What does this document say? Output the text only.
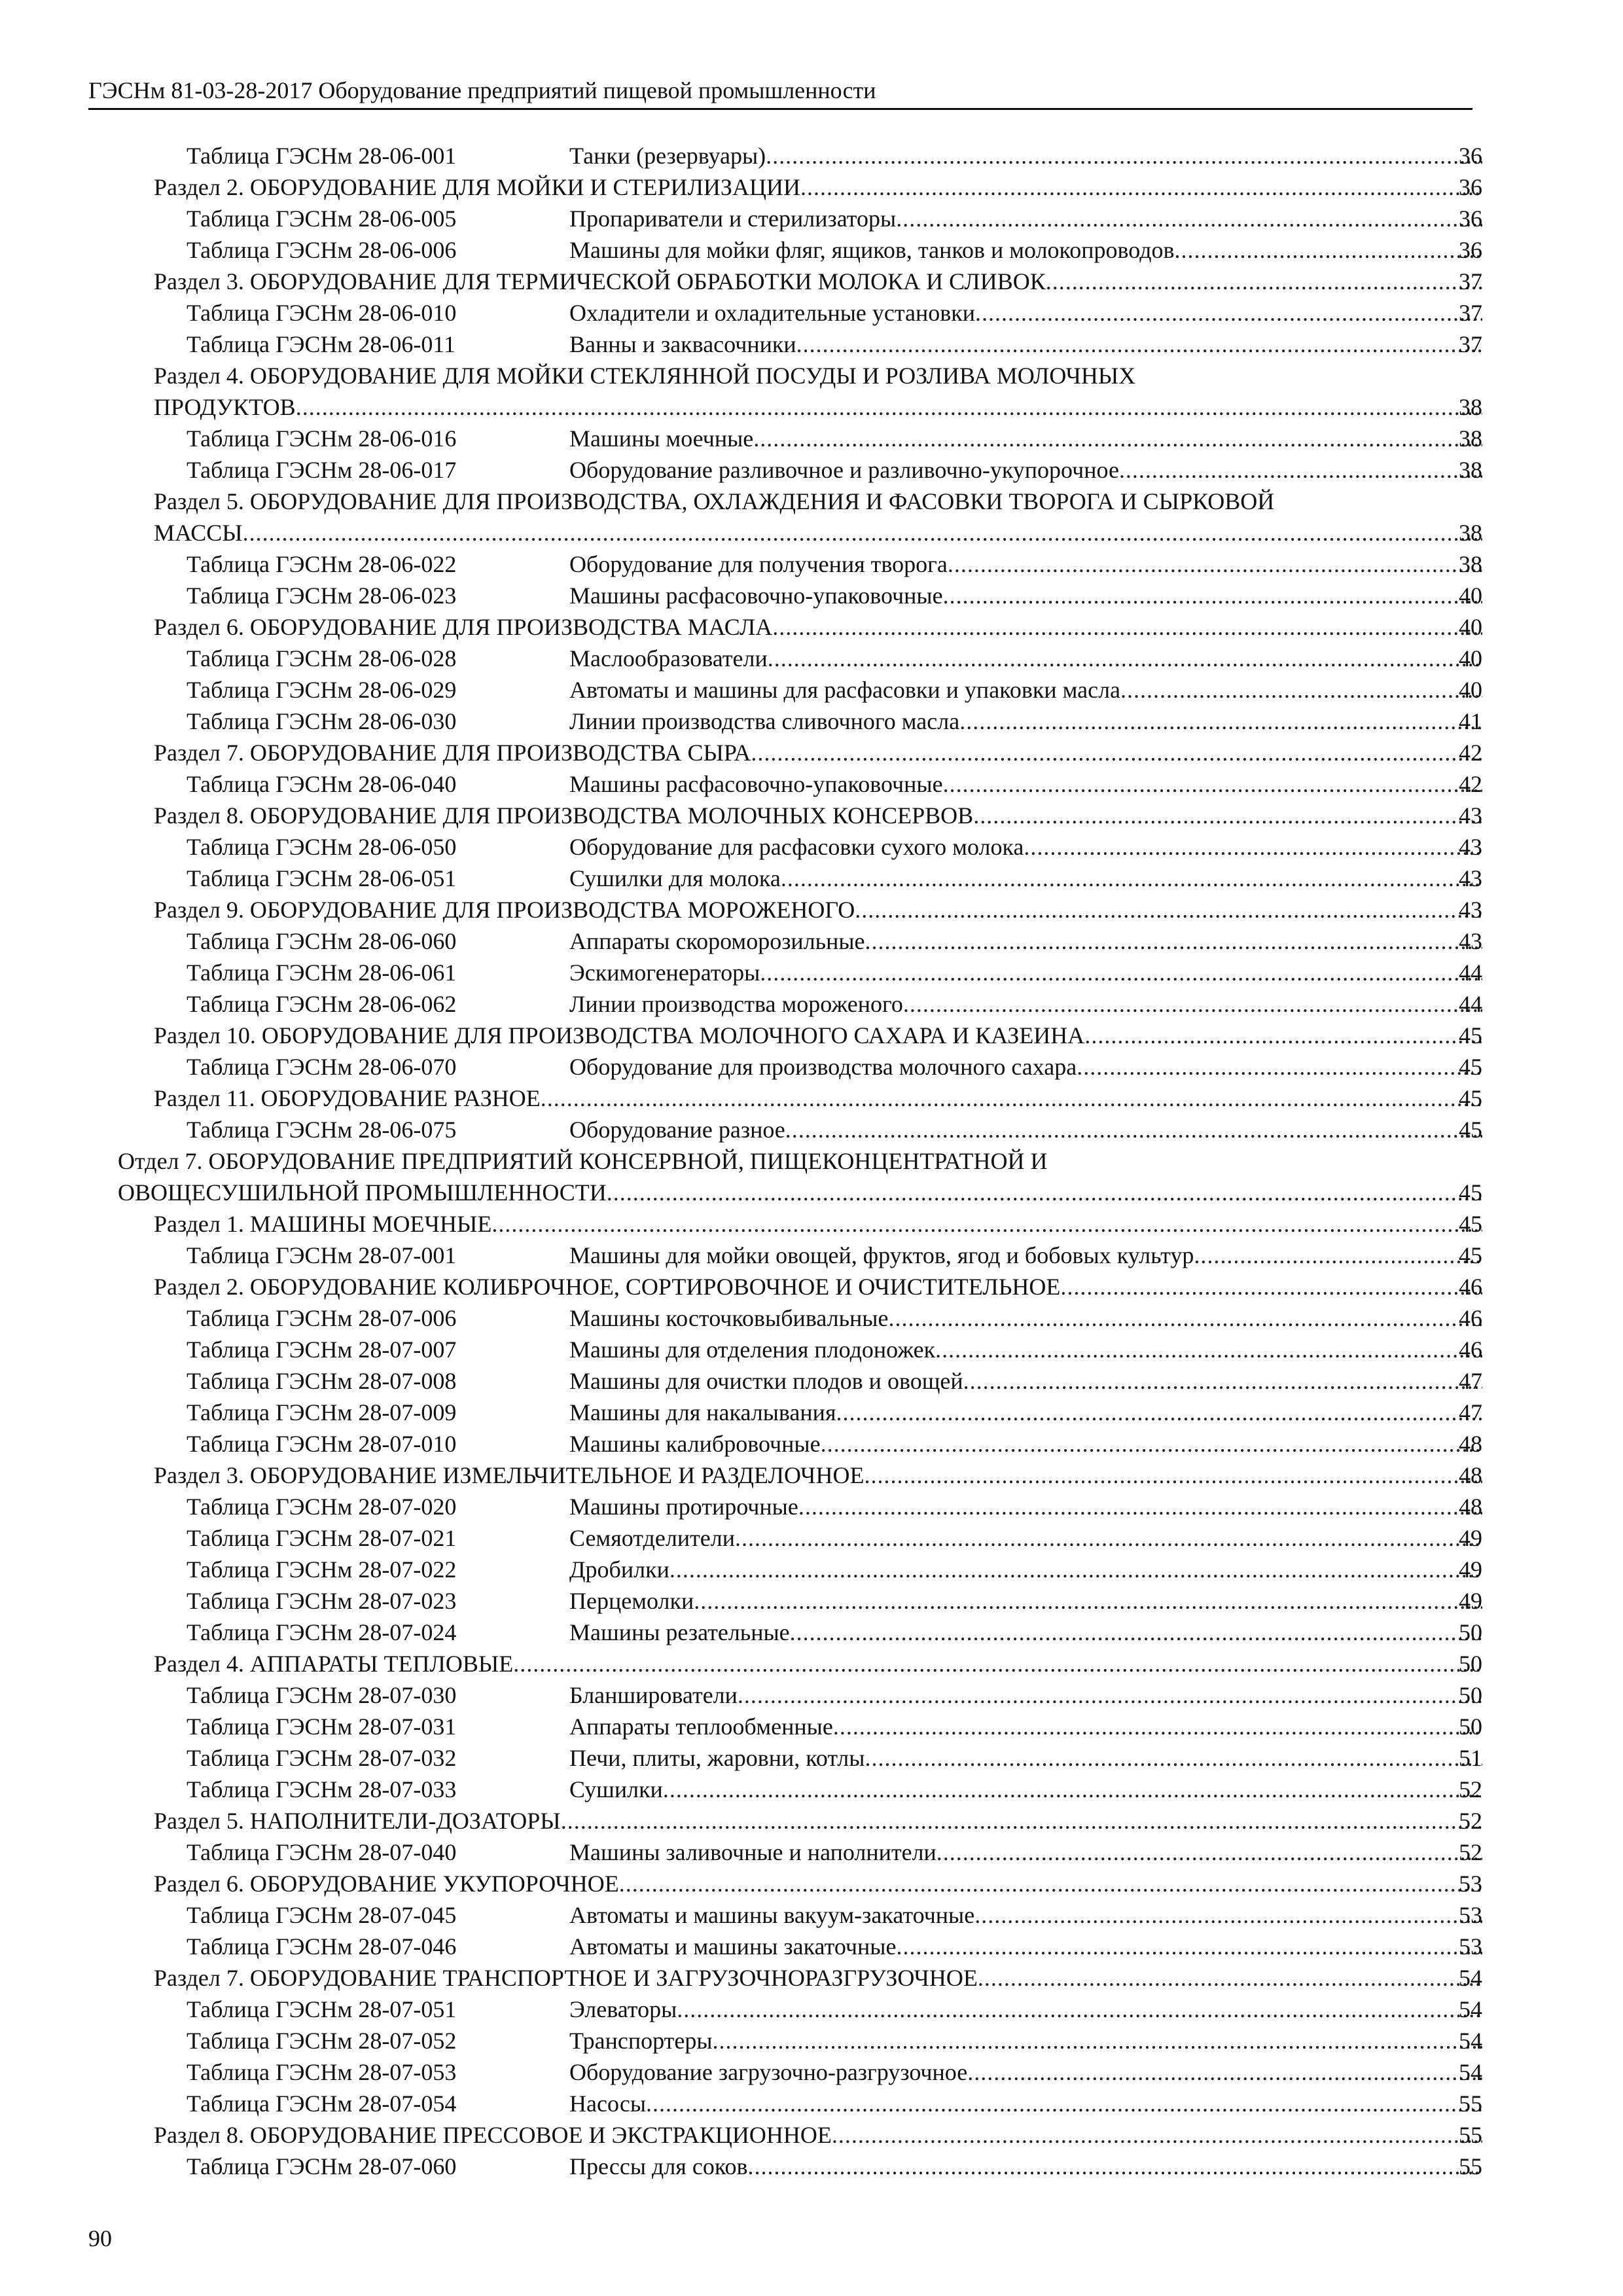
ГЭСНм 81-03-28-2017 Оборудование предприятий пищевой промышленности
Таблица ГЭСНм 28-06-001	Танки (резервуары) .....	36
Раздел 2. ОБОРУДОВАНИЕ ДЛЯ МОЙКИ И СТЕРИЛИЗАЦИИ .....	36
Таблица ГЭСНм 28-06-005	Пропариватели и стерилизаторы .....	36
Таблица ГЭСНм 28-06-006	Машины для мойки фляг, ящиков, танков и молокопроводов .....	36
Раздел 3. ОБОРУДОВАНИЕ ДЛЯ ТЕРМИЧЕСКОЙ ОБРАБОТКИ МОЛОКА И СЛИВОК .....	37
Таблица ГЭСНм 28-06-010	Охладители и охладительные установки .....	37
Таблица ГЭСНм 28-06-011	Ванны и заквасочники .....	37
Раздел 4. ОБОРУДОВАНИЕ ДЛЯ МОЙКИ СТЕКЛЯННОЙ ПОСУДЫ И РОЗЛИВА МОЛОЧНЫХ
ПРОДУКТОВ .....	38
Таблица ГЭСНм 28-06-016	Машины моечные .....	38
Таблица ГЭСНм 28-06-017	Оборудование разливочное и разливочно-укупорочное .....	38
Раздел 5. ОБОРУДОВАНИЕ ДЛЯ ПРОИЗВОДСТВА, ОХЛАЖДЕНИЯ И ФАСОВКИ ТВОРОГА И СЫРКОВОЙ
МАССЫ .....	38
Таблица ГЭСНм 28-06-022	Оборудование для получения творога .....	38
Таблица ГЭСНм 28-06-023	Машины расфасовочно-упаковочные .....	40
Раздел 6. ОБОРУДОВАНИЕ ДЛЯ ПРОИЗВОДСТВА МАСЛА .....	40
Таблица ГЭСНм 28-06-028	Маслообразователи .....	40
Таблица ГЭСНм 28-06-029	Автоматы и машины для расфасовки и упаковки масла .....	40
Таблица ГЭСНм 28-06-030	Линии производства сливочного масла .....	41
Раздел 7. ОБОРУДОВАНИЕ ДЛЯ ПРОИЗВОДСТВА СЫРА .....	42
Таблица ГЭСНм 28-06-040	Машины расфасовочно-упаковочные .....	42
Раздел 8. ОБОРУДОВАНИЕ ДЛЯ ПРОИЗВОДСТВА МОЛОЧНЫХ КОНСЕРВОВ .....	43
Таблица ГЭСНм 28-06-050	Оборудование для расфасовки сухого молока .....	43
Таблица ГЭСНм 28-06-051	Сушилки для молока .....	43
Раздел 9. ОБОРУДОВАНИЕ ДЛЯ ПРОИЗВОДСТВА МОРОЖЕНОГО .....	43
Таблица ГЭСНм 28-06-060	Аппараты скороморозильные .....	43
Таблица ГЭСНм 28-06-061	Эскимогенераторы .....	44
Таблица ГЭСНм 28-06-062	Линии производства мороженого .....	44
Раздел 10. ОБОРУДОВАНИЕ ДЛЯ ПРОИЗВОДСТВА МОЛОЧНОГО САХАРА И КАЗЕИНА .....	45
Таблица ГЭСНм 28-06-070	Оборудование для производства молочного сахара .....	45
Раздел 11. ОБОРУДОВАНИЕ РАЗНОЕ .....	45
Таблица ГЭСНм 28-06-075	Оборудование разное .....	45
Отдел 7. ОБОРУДОВАНИЕ ПРЕДПРИЯТИЙ КОНСЕРВНОЙ, ПИЩЕКОНЦЕНТРАТНОЙ И
ОВОЩЕСУШИЛЬНОЙ ПРОМЫШЛЕННОСТИ .....	45
Раздел 1. МАШИНЫ МОЕЧНЫЕ .....	45
Таблица ГЭСНм 28-07-001	Машины для мойки овощей, фруктов, ягод и бобовых культур .....	45
Раздел 2. ОБОРУДОВАНИЕ КОЛИБРОЧНОЕ, СОРТИРОВОЧНОЕ И ОЧИСТИТЕЛЬНОЕ .....	46
Таблица ГЭСНм 28-07-006	Машины косточковыбивальные .....	46
Таблица ГЭСНм 28-07-007	Машины для отделения плодоножек .....	46
Таблица ГЭСНм 28-07-008	Машины для очистки плодов и овощей .....	47
Таблица ГЭСНм 28-07-009	Машины для накалывания .....	47
Таблица ГЭСНм 28-07-010	Машины калибровочные .....	48
Раздел 3. ОБОРУДОВАНИЕ ИЗМЕЛЬЧИТЕЛЬНОЕ И РАЗДЕЛОЧНОЕ .....	48
Таблица ГЭСНм 28-07-020	Машины протирочные .....	48
Таблица ГЭСНм 28-07-021	Семяотделители .....	49
Таблица ГЭСНм 28-07-022	Дробилки .....	49
Таблица ГЭСНм 28-07-023	Перцемолки .....	49
Таблица ГЭСНм 28-07-024	Машины резательные .....	50
Раздел 4. АППАРАТЫ ТЕПЛОВЫЕ .....	50
Таблица ГЭСНм 28-07-030	Бланширователи .....	50
Таблица ГЭСНм 28-07-031	Аппараты теплообменные .....	50
Таблица ГЭСНм 28-07-032	Печи, плиты, жаровни, котлы .....	51
Таблица ГЭСНм 28-07-033	Сушилки .....	52
Раздел 5. НАПОЛНИТЕЛИ-ДОЗАТОРЫ .....	52
Таблица ГЭСНм 28-07-040	Машины заливочные и наполнители .....	52
Раздел 6. ОБОРУДОВАНИЕ УКУПОРОЧНОЕ .....	53
Таблица ГЭСНм 28-07-045	Автоматы и машины вакуум-закаточные .....	53
Таблица ГЭСНм 28-07-046	Автоматы и машины закаточные .....	53
Раздел 7. ОБОРУДОВАНИЕ ТРАНСПОРТНОЕ И ЗАГРУЗОЧНОРАЗГРУЗОЧНОЕ .....	54
Таблица ГЭСНм 28-07-051	Элеваторы .....	54
Таблица ГЭСНм 28-07-052	Транспортеры .....	54
Таблица ГЭСНм 28-07-053	Оборудование загрузочно-разгрузочное .....	54
Таблица ГЭСНм 28-07-054	Насосы .....	55
Раздел 8. ОБОРУДОВАНИЕ ПРЕССОВОЕ И ЭКСТРАКЦИОННОЕ .....	55
Таблица ГЭСНм 28-07-060	Прессы для соков .....	55
90
